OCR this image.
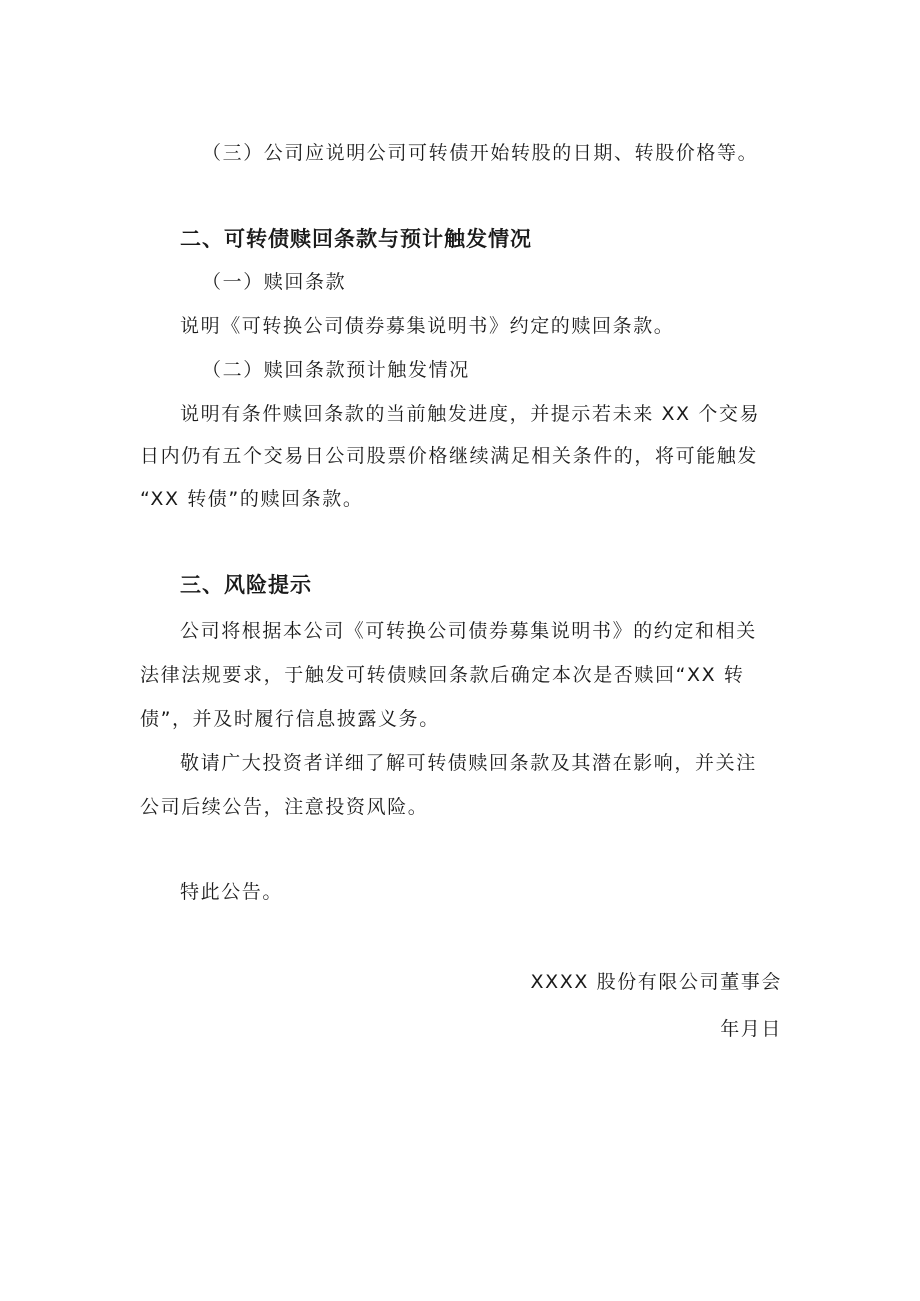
（三）公司应说明公司可转债开始转股的日期、转股价格等。
二、可转债赎回条款与预计触发情况
（一）赎回条款
说明《可转换公司债券募集说明书》约定的赎回条款。
（二）赎回条款预计触发情况
说明有条件赎回条款的当前触发进度，并提示若未来 XX 个交易
日内仍有五个交易日公司股票价格继续满足相关条件的，将可能触发
“XX 转债”的赎回条款。
三、风险提示
公司将根据本公司《可转换公司债券募集说明书》的约定和相关
法律法规要求，于触发可转债赎回条款后确定本次是否赎回“XX 转
债”，并及时履行信息披露义务。
敬请广大投资者详细了解可转债赎回条款及其潜在影响，并关注
公司后续公告，注意投资风险。
特此公告。
XXXX 股份有限公司董事会
年月日
